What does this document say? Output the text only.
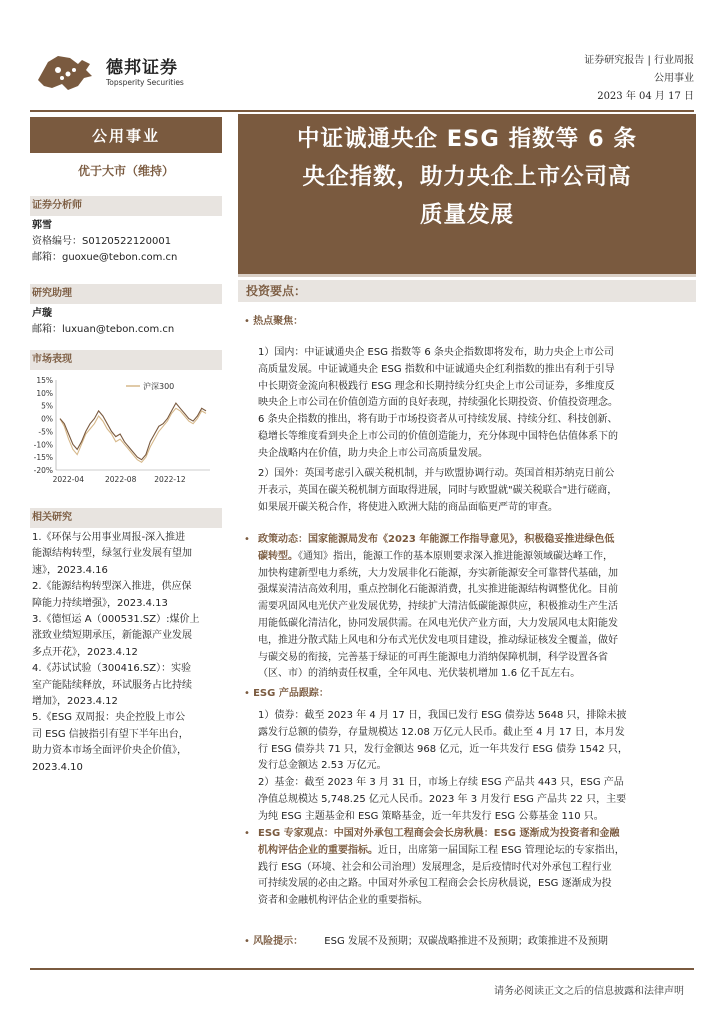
德邦证券
Topsperity Securities
证券研究报告 | 行业周报
公用事业
2023 年 04 月 17 日
公用事业
优于大市（维持）
证券分析师
郭雪
资格编号：S0120522120001
邮箱：guoxue@tebon.com.cn
研究助理
卢璇
邮箱：luxuan@tebon.com.cn
市场表现
15%
10%
5%
0%
-5%
-10%
-15%
-20%
2022-04	2022-08 2022-12
沪深300
相关研究
1.《环保与公用事业周报-深入推进
能源结构转型，绿氢行业发展有望加
速》，2023.4.16
2.《能源结构转型深入推进，供应保
障能力持续增强》，2023.4.13
3.《德恒运 A（000531.SZ）:煤价上
涨致业绩短期承压，新能源产业发展
多点开花》，2023.4.12
4.《苏试试验（300416.SZ）：实验
室产能陆续释放，环试服务占比持续
增加》，2023.4.12
5.《ESG 双周报：央企控股上市公
司 ESG 信披指引有望下半年出台，
助力资本市场全面评价央企价值》，
2023.4.10
中证诚通央企 ESG 指数等 6 条
央企指数，助力央企上市公司高
质量发展
投资要点：
• 热点聚焦：
1）国内：中证诚通央企 ESG 指数等 6 条央企指数即将发布，助力央企上市公司
高质量发展。中证诚通央企 ESG 指数和中证诚通央企红利指数的推出有利于引导
中长期资金流向积极践行 ESG 理念和长期持续分红央企上市公司证券，多维度反
映央企上市公司在价值创造方面的良好表现，持续强化长期投资、价值投资理念。
6 条央企指数的推出，将有助于市场投资者从可持续发展、持续分红、科技创新、
稳增长等维度看到央企上市公司的价值创造能力，充分体现中国特色估值体系下的
央企战略内在价值，助力央企上市公司高质量发展。
2）国外：英国考虑引入碳关税机制，并与欧盟协调行动。英国首相苏纳克日前公
开表示，英国在碳关税机制方面取得进展，同时与欧盟就"碳关税联合"进行磋商，
如果展开碳关税合作，将使进入欧洲大陆的商品面临更严苛的审查。
政策动态：国家能源局发布《2023 年能源工作指导意见》，积极稳妥推进绿色低
碳转型。《通知》指出，能源工作的基本原则要求深入推进能源领域碳达峰工作，
加快构建新型电力系统，大力发展非化石能源，夯实新能源安全可靠替代基础，加
强煤炭清洁高效利用，重点控制化石能源消费，扎实推进能源结构调整优化。目前
需要巩固风电光伏产业发展优势，持续扩大清洁低碳能源供应，积极推动生产生活
用能低碳化清洁化，协同发展供需。在风电光伏产业方面，大力发展风电太阳能发
电，推进分散式陆上风电和分布式光伏发电项目建设，推动绿证核发全覆盖，做好
与碳交易的衔接，完善基于绿证的可再生能源电力消纳保障机制，科学设置各省
（区、市）的消纳责任权重，全年风电、光伏装机增加 1.6 亿千瓦左右。
•
• ESG 产品跟踪：
1）债券：截至 2023 年 4 月 17 日，我国已发行 ESG 债券达 5648 只，排除未披
露发行总额的债券，存量规模达 12.08 万亿元人民币。截止至 4 月 17 日，本月发
行 ESG 债券共 71 只，发行金额达 968 亿元，近一年共发行 ESG 债券 1542 只，
发行总金额达 2.53 万亿元。
2）基金：截至 2023 年 3 月 31 日，市场上存续 ESG 产品共 443 只，ESG 产品
净值总规模达 5,748.25 亿元人民币。2023 年 3 月发行 ESG 产品共 22 只，主要
为纯 ESG 主题基金和 ESG 策略基金，近一年共发行 ESG 公募基金 110 只。
ESG 专家观点：中国对外承包工程商会会长房秋晨：ESG 逐渐成为投资者和金融
机构评估企业的重要指标。近日，出席第一届国际工程 ESG 管理论坛的专家指出，
践行 ESG（环境、社会和公司治理）发展理念，是后疫情时代对外承包工程行业
可持续发展的必由之路。中国对外承包工程商会会长房秋晨说，ESG 逐渐成为投
资者和金融机构评估企业的重要指标。
•
• 风险提示： ESG 发展不及预期；双碳战略推进不及预期；政策推进不及预期
请务必阅读正文之后的信息披露和法律声明
